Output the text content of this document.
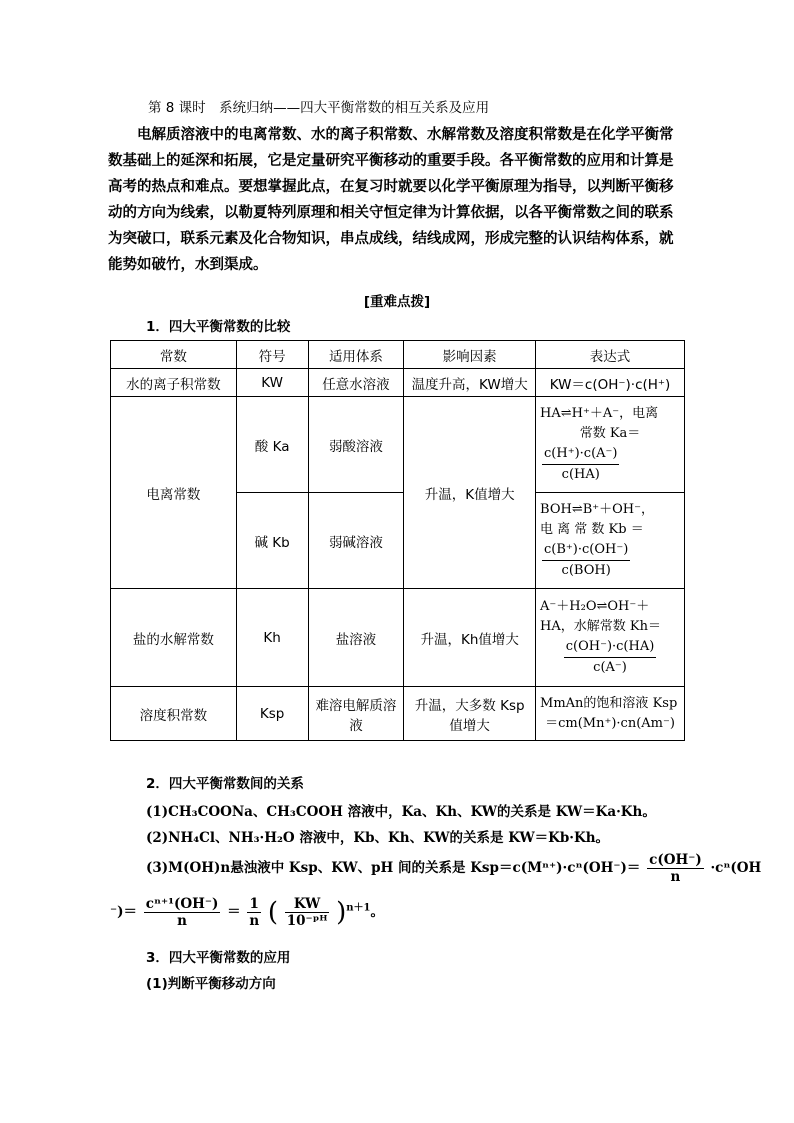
第 8 课时　系统归纳——四大平衡常数的相互关系及应用

电解质溶液中的电离常数、水的离子积常数、水解常数及溶度积常数是在化学平衡常数基础上的延深和拓展，它是定量研究平衡移动的重要手段。各平衡常数的应用和计算是高考的热点和难点。要想掌握此点，在复习时就要以化学平衡原理为指导，以判断平衡移动的方向为线索，以勒夏特列原理和相关守恒定律为计算依据，以各平衡常数之间的联系为突破口，联系元素及化合物知识，串点成线，结线成网，形成完整的认识结构体系，就能势如破竹，水到渠成。

[重难点拨]
1．四大平衡常数的比较
常数	符号	适用体系	影响因素	表达式
水的离子积常数	KW	任意水溶液	温度升高，KW增大	KW＝c(OH⁻)·c(H⁺)
电离常数	酸 Ka	弱酸溶液	升温，K值增大	HA⇌H⁺＋A⁻，电离
常数 Ka＝
$\frac{c(H^+)\cdot c(A^-)}{c(HA)}$

	碱 Kb	弱碱溶液		BOH⇌B⁺＋OH⁻，
电 离 常 数 Kb ＝
$\frac{c(B^+)\cdot c(OH^-)}{\text{c(BOH)}}$

盐的水解常数	Kh	盐溶液	升温，Kh值增大	A⁻＋H₂O⇌OH⁻＋
HA，水解常数 Kh＝
$\frac{c(OH^-)\cdot c(HA)}{c(A^-)}$

溶度积常数	Ksp	难溶电解质溶液	升温，大多数 Ksp值增大	MmAn的饱和溶液 Ksp
＝cm(Mn⁺)·cn(Am⁻)
2．四大平衡常数间的关系
(1)CH₃COONa、CH₃COOH 溶液中，Ka、Kh、KW的关系是 KW＝Ka·Kh。
(2)NH₄Cl、NH₃·H₂O 溶液中，Kb、Kh、KW的关系是 KW＝Kb·Kh。
(3)M(OH)n悬浊液中 Ksp、KW、pH 间的关系是 $Ksp=c(M^{n+})\cdot c^n(OH^-)= \frac{c(OH^-)}{n} \cdot c^n(OH$
⁻)＝ $\frac{\text{cⁿ⁺¹(OH⁻)}}{n} = \frac{1}{n}$ ( $\frac{KW}{\text{10⁻ᵖᴴ}} )^{n+1}$。
3．四大平衡常数的应用
(1)判断平衡移动方向
